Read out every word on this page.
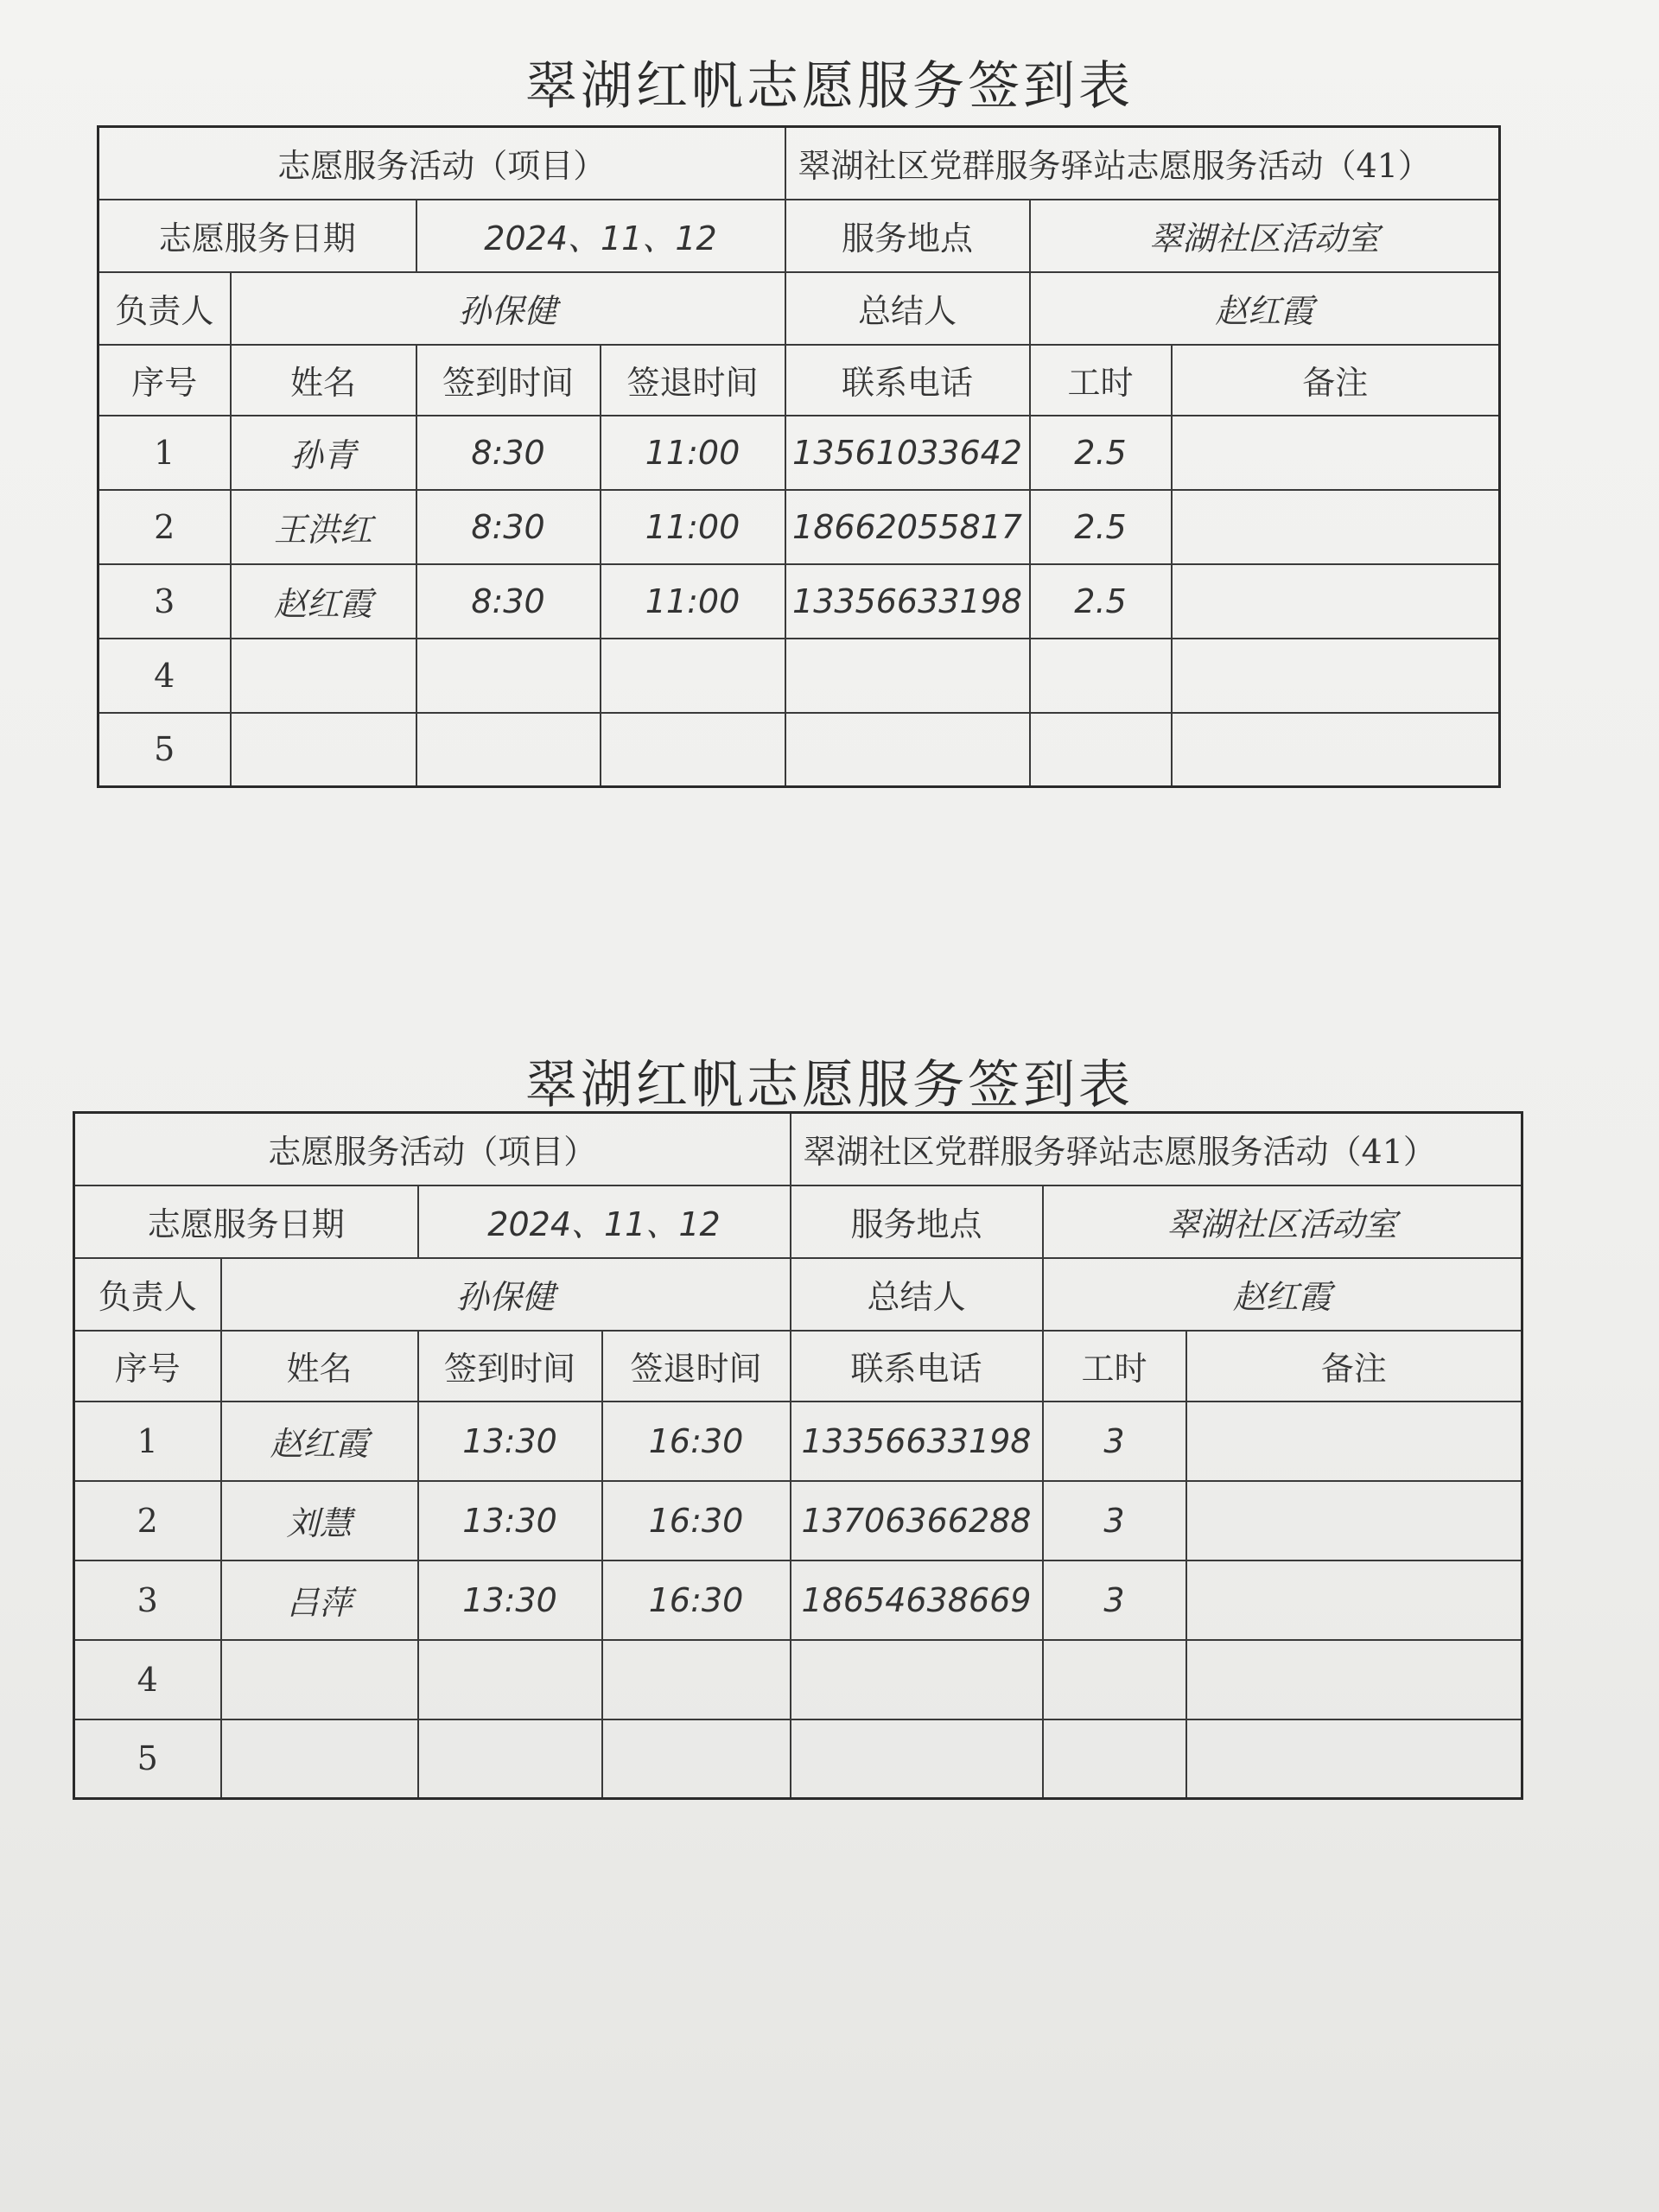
翠湖红帆志愿服务签到表
志愿服务活动（项目）				翠湖社区党群服务驿站志愿服务活动（41）		
志愿服务日期		2024、11、12		服务地点	翠湖社区活动室	
负责人	孙保健			总结人	赵红霞	
序号	姓名	签到时间	签退时间	联系电话	工时	备注
1	孙青	8:30	11:00	13561033642	2.5	
2	王洪红	8:30	11:00	18662055817	2.5	
3	赵红霞	8:30	11:00	13356633198	2.5	
4						
5						
翠湖红帆志愿服务签到表
志愿服务活动（项目）				翠湖社区党群服务驿站志愿服务活动（41）		
志愿服务日期		2024、11、12		服务地点	翠湖社区活动室	
负责人	孙保健			总结人	赵红霞	
序号	姓名	签到时间	签退时间	联系电话	工时	备注
1	赵红霞	13:30	16:30	13356633198	3	
2	刘慧	13:30	16:30	13706366288	3	
3	吕萍	13:30	16:30	18654638669	3	
4						
5						
